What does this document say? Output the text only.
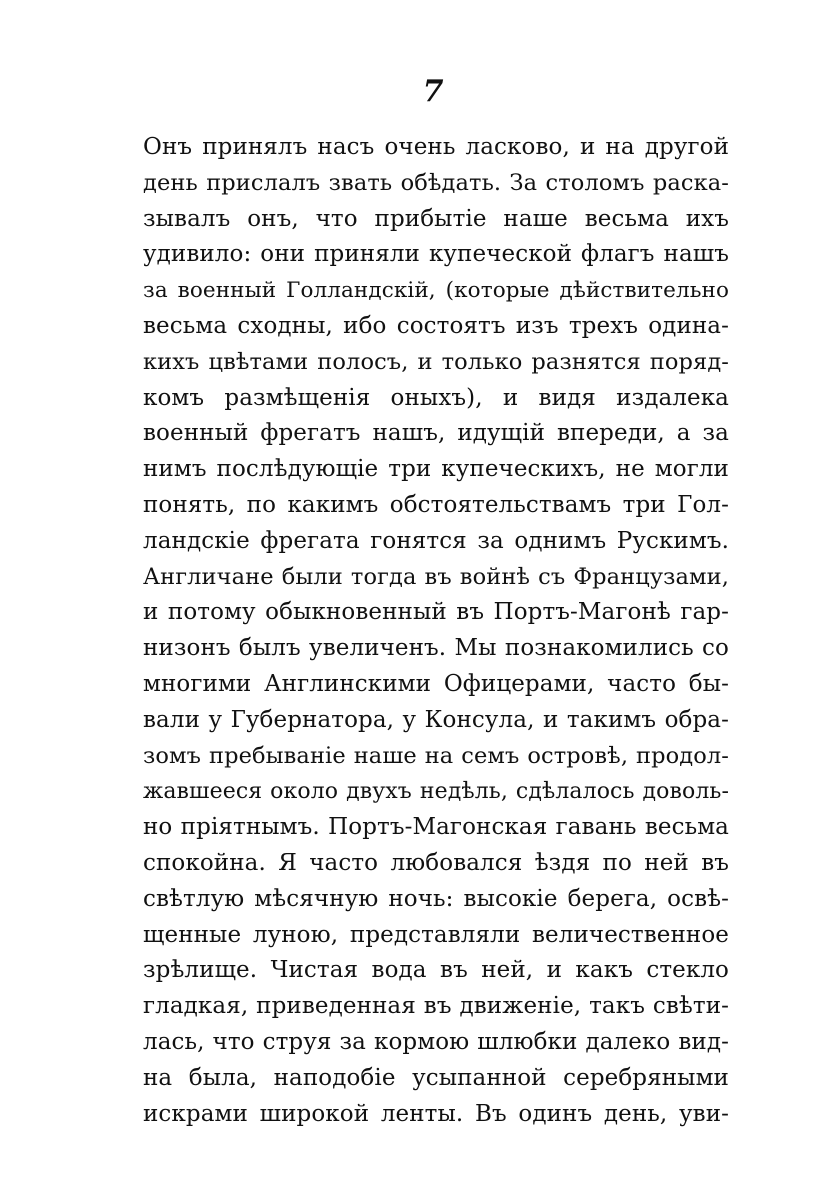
7
Онъ принялъ насъ очень ласково, и на другой
день прислалъ звать обѣдать. За столомъ раска-
зывалъ онъ, что прибытіе наше весьма ихъ
удивило: они приняли купеческой флагъ нашъ
за военный Голландскій, (которые дѣйствительно
весьма сходны, ибо состоятъ изъ трехъ одина-
кихъ цвѣтами полосъ, и только разнятся поряд-
комъ размѣщенія оныхъ), и видя издалека
военный фрегатъ нашъ, идущій впереди, а за
нимъ послѣдующіе три купеческихъ, не могли
понять, по какимъ обстоятельствамъ три Гол-
ландскіе фрегата гонятся за однимъ Рускимъ.
Англичане были тогда въ войнѣ съ Французами,
и потому обыкновенный въ Портъ-Магонѣ гар-
низонъ былъ увеличенъ. Мы познакомились со
многими Англинскими Офицерами, часто бы-
вали у Губернатора, у Консула, и такимъ обра-
зомъ пребываніе наше на семъ островѣ, продол-
жавшееся около двухъ недѣль, сдѣлалось доволь-
но пріятнымъ. Портъ-Магонская гавань весьма
спокойна. Я часто любовался ѣздя по ней въ
свѣтлую мѣсячную ночь: высокіе берега, освѣ-
щенные луною, представляли величественное
зрѣлище. Чистая вода въ ней, и какъ стекло
гладкая, приведенная въ движеніе, такъ свѣти-
лась, что струя за кормою шлюбки далеко вид-
на была, наподобіе усыпанной серебряными
искрами широкой ленты. Въ одинъ день, уви-
